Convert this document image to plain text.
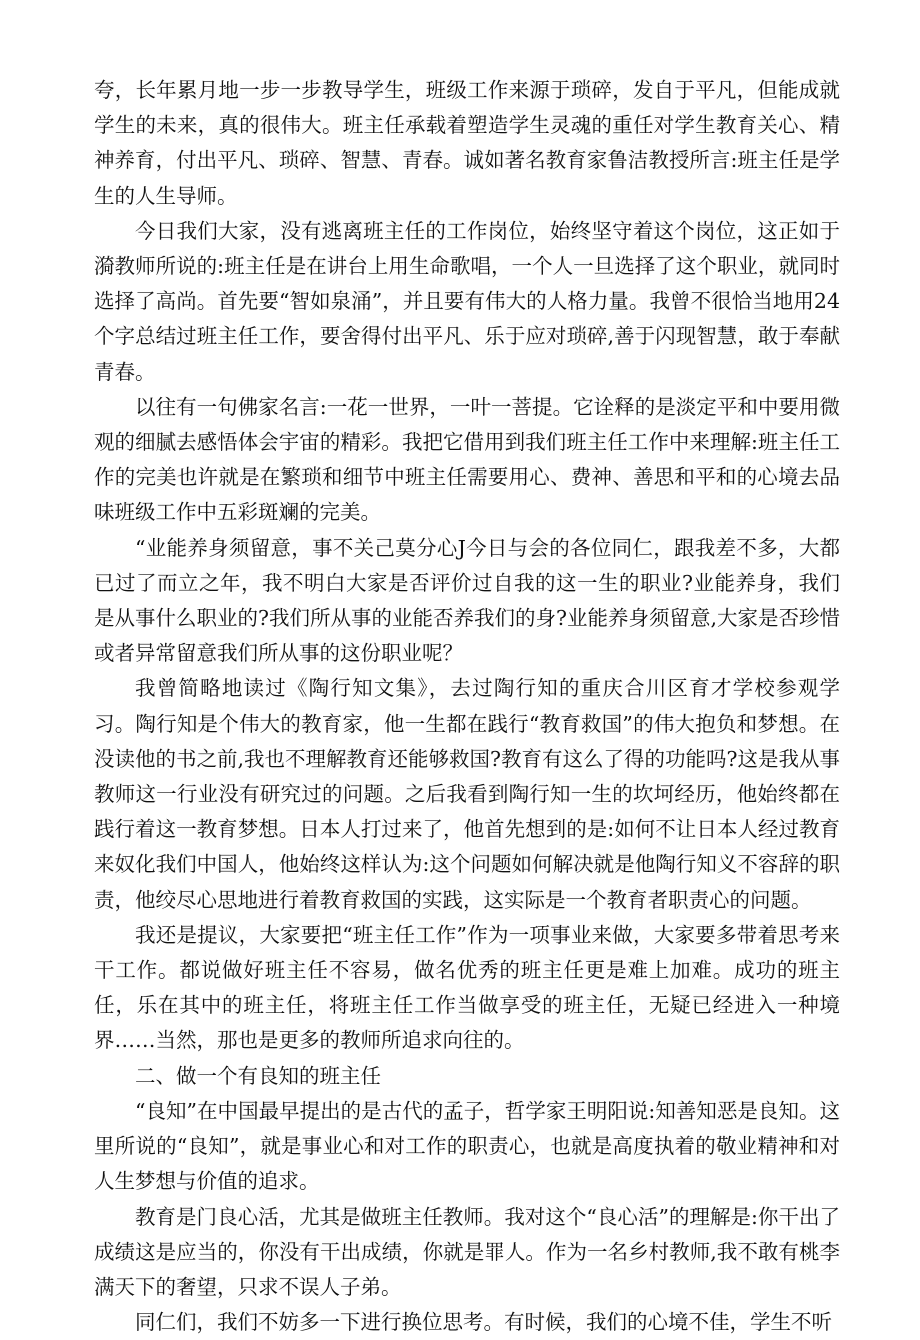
夸，长年累月地一步一步教导学生，班级工作来源于琐碎，发自于平凡，但能成就学生的未来，真的很伟大。班主任承载着塑造学生灵魂的重任对学生教育关心、精神养育，付出平凡、琐碎、智慧、青春。诚如著名教育家鲁洁教授所言:班主任是学生的人生导师。

今日我们大家，没有逃离班主任的工作岗位，始终坚守着这个岗位，这正如于漪教师所说的:班主任是在讲台上用生命歌唱，一个人一旦选择了这个职业，就同时选择了高尚。首先要“智如泉涌”，并且要有伟大的人格力量。我曾不很恰当地用24个字总结过班主任工作，要舍得付出平凡、乐于应对琐碎,善于闪现智慧，敢于奉献青春。

以往有一句佛家名言:一花一世界，一叶一菩提。它诠释的是淡定平和中要用微观的细腻去感悟体会宇宙的精彩。我把它借用到我们班主任工作中来理解:班主任工作的完美也许就是在繁琐和细节中班主任需要用心、费神、善思和平和的心境去品味班级工作中五彩斑斓的完美。

“业能养身须留意，事不关己莫分心J今日与会的各位同仁，跟我差不多，大都已过了而立之年，我不明白大家是否评价过自我的这一生的职业?业能养身，我们是从事什么职业的?我们所从事的业能否养我们的身?业能养身须留意,大家是否珍惜或者异常留意我们所从事的这份职业呢？

我曾简略地读过《陶行知文集》，去过陶行知的重庆合川区育才学校参观学习。陶行知是个伟大的教育家，他一生都在践行“教育救国”的伟大抱负和梦想。在没读他的书之前,我也不理解教育还能够救国?教育有这么了得的功能吗?这是我从事教师这一行业没有研究过的问题。之后我看到陶行知一生的坎坷经历，他始终都在践行着这一教育梦想。日本人打过来了，他首先想到的是:如何不让日本人经过教育来奴化我们中国人，他始终这样认为:这个问题如何解决就是他陶行知义不容辞的职责，他绞尽心思地进行着教育救国的实践，这实际是一个教育者职责心的问题。

我还是提议，大家要把“班主任工作”作为一项事业来做，大家要多带着思考来干工作。都说做好班主任不容易，做名优秀的班主任更是难上加难。成功的班主任，乐在其中的班主任，将班主任工作当做享受的班主任，无疑已经进入一种境界……当然，那也是更多的教师所追求向往的。

二、做一个有良知的班主任

“良知”在中国最早提出的是古代的孟子，哲学家王明阳说:知善知恶是良知。这里所说的“良知”，就是事业心和对工作的职责心，也就是高度执着的敬业精神和对人生梦想与价值的追求。

教育是门良心活，尤其是做班主任教师。我对这个“良心活”的理解是:你干出了成绩这是应当的，你没有干出成绩，你就是罪人。作为一名乡村教师,我不敢有桃李满天下的奢望，只求不误人子弟。

同仁们，我们不妨多一下进行换位思考。有时候，我们的心境不佳，学生不听
